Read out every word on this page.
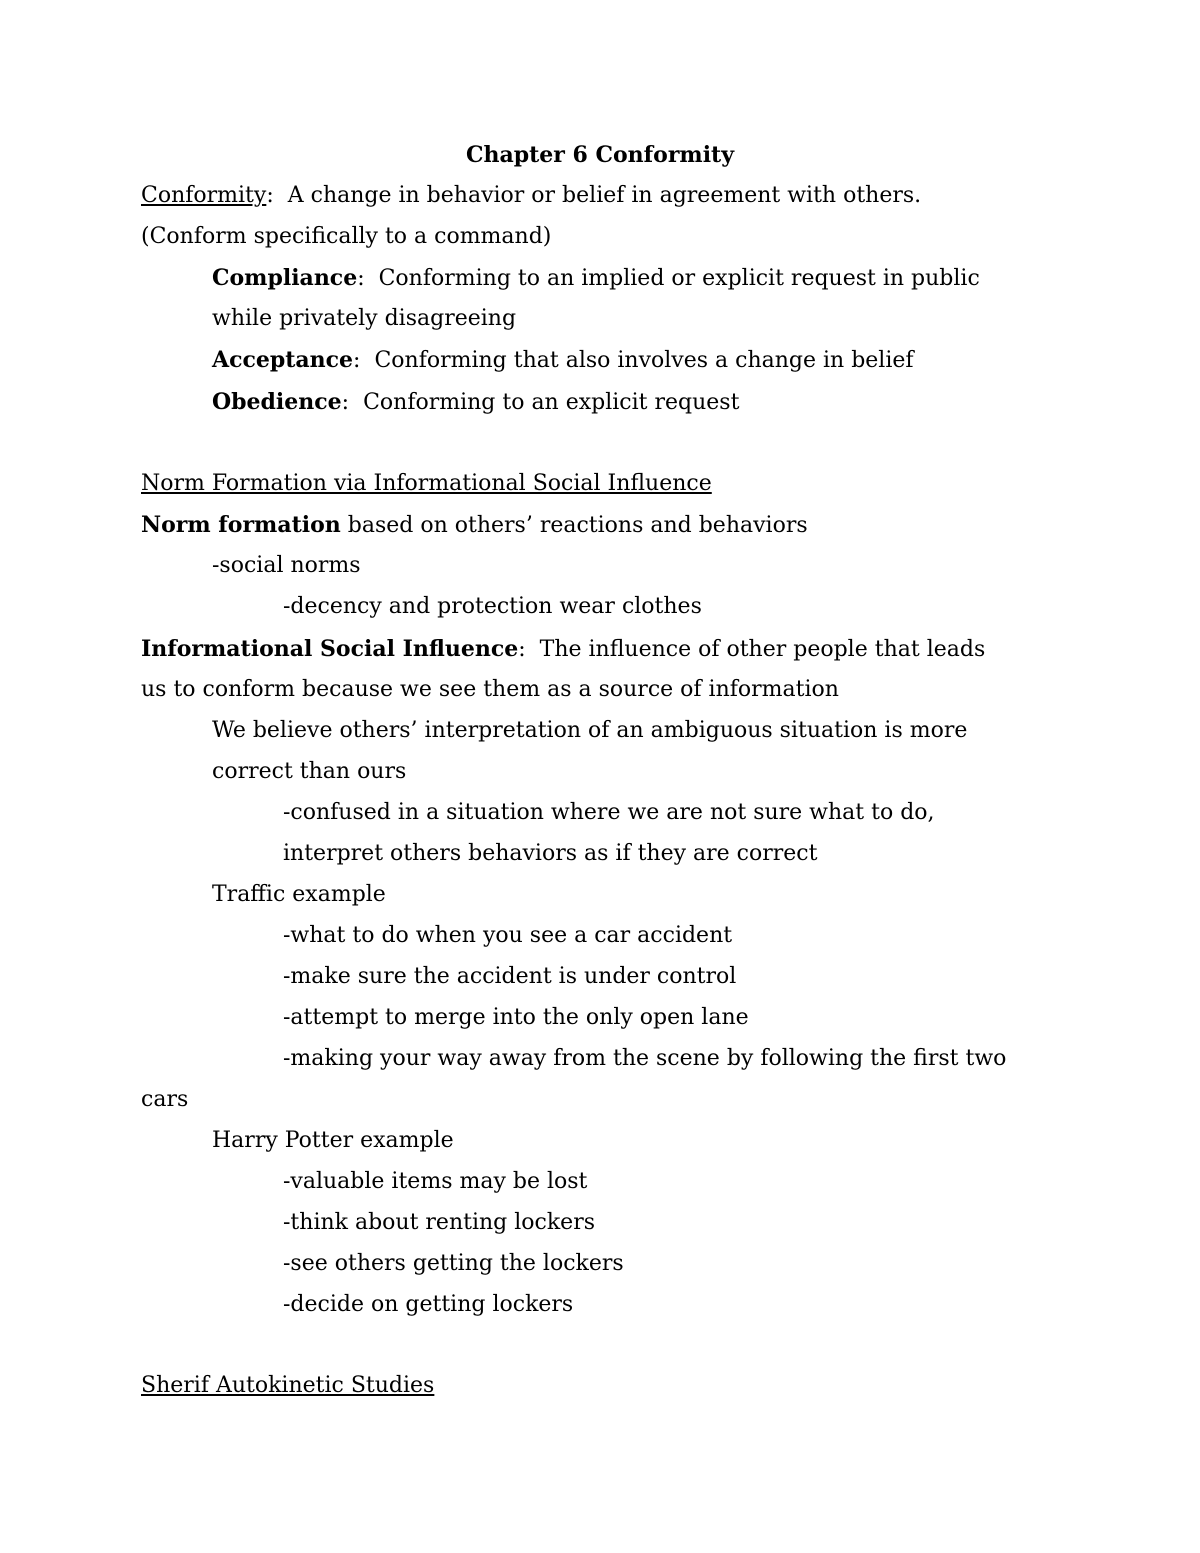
Chapter 6 Conformity
Conformity:  A change in behavior or belief in agreement with others.
(Conform specifically to a command)
Compliance:  Conforming to an implied or explicit request in public
while privately disagreeing
Acceptance:  Conforming that also involves a change in belief
Obedience:  Conforming to an explicit request
Norm Formation via Informational Social Influence
Norm formation based on others’ reactions and behaviors
-social norms
-decency and protection wear clothes
Informational Social Influence:  The influence of other people that leads
us to conform because we see them as a source of information
We believe others’ interpretation of an ambiguous situation is more
correct than ours
-confused in a situation where we are not sure what to do,
interpret others behaviors as if they are correct
Traffic example
-what to do when you see a car accident
-make sure the accident is under control
-attempt to merge into the only open lane
-making your way away from the scene by following the first two
cars
Harry Potter example
-valuable items may be lost
-think about renting lockers
-see others getting the lockers
-decide on getting lockers
Sherif Autokinetic Studies
